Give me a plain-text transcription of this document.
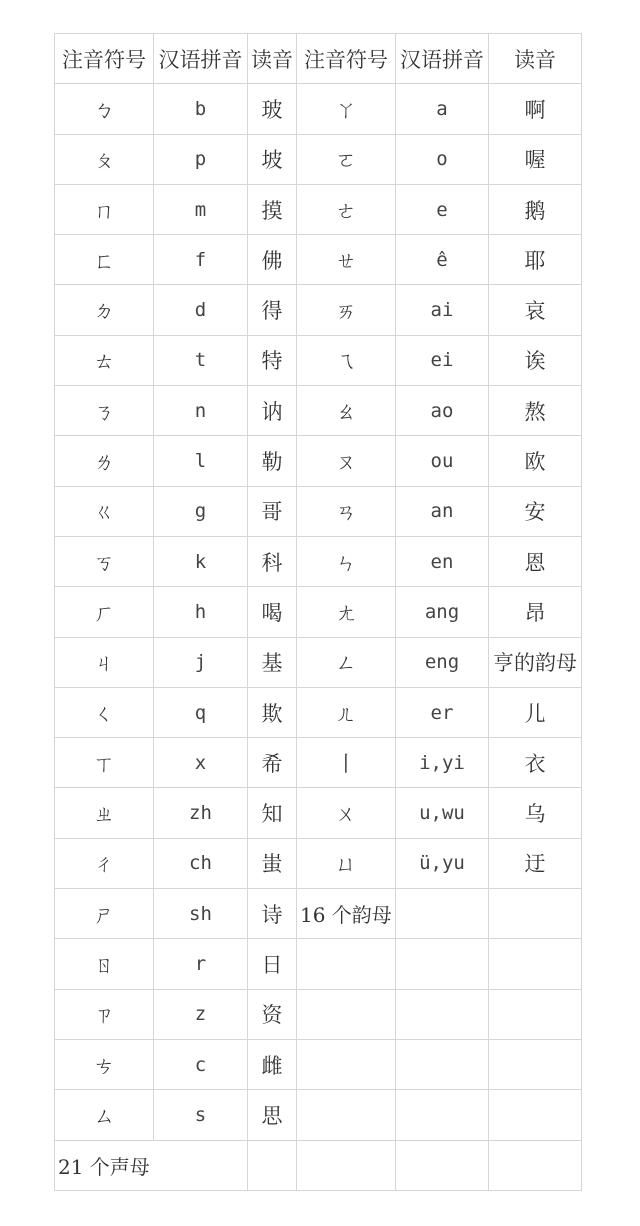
注音符号	汉语拼音	读音	注音符号	汉语拼音	读音
ㄅ	b	玻	ㄚ	a	啊
ㄆ	p	坡	ㄛ	o	喔
ㄇ	m	摸	ㄜ	e	鹅
ㄈ	f	佛	ㄝ	ê	耶
ㄉ	d	得	ㄞ	ai	哀
ㄊ	t	特	ㄟ	ei	诶
ㄋ	n	讷	ㄠ	ao	熬
ㄌ	l	勒	ㄡ	ou	欧
ㄍ	g	哥	ㄢ	an	安
ㄎ	k	科	ㄣ	en	恩
ㄏ	h	喝	ㄤ	ang	昂
ㄐ	j	基	ㄥ	eng	亨的韵母
ㄑ	q	欺	ㄦ	er	儿
ㄒ	x	希	丨	i,yi	衣
ㄓ	zh	知	ㄨ	u,wu	乌
ㄔ	ch	蚩	ㄩ	ü,yu	迂
ㄕ	sh	诗	16 个韵母		
ㄖ	r	日			
ㄗ	z	资			
ㄘ	c	雌			
ㄙ	s	思			
21 个声母					
